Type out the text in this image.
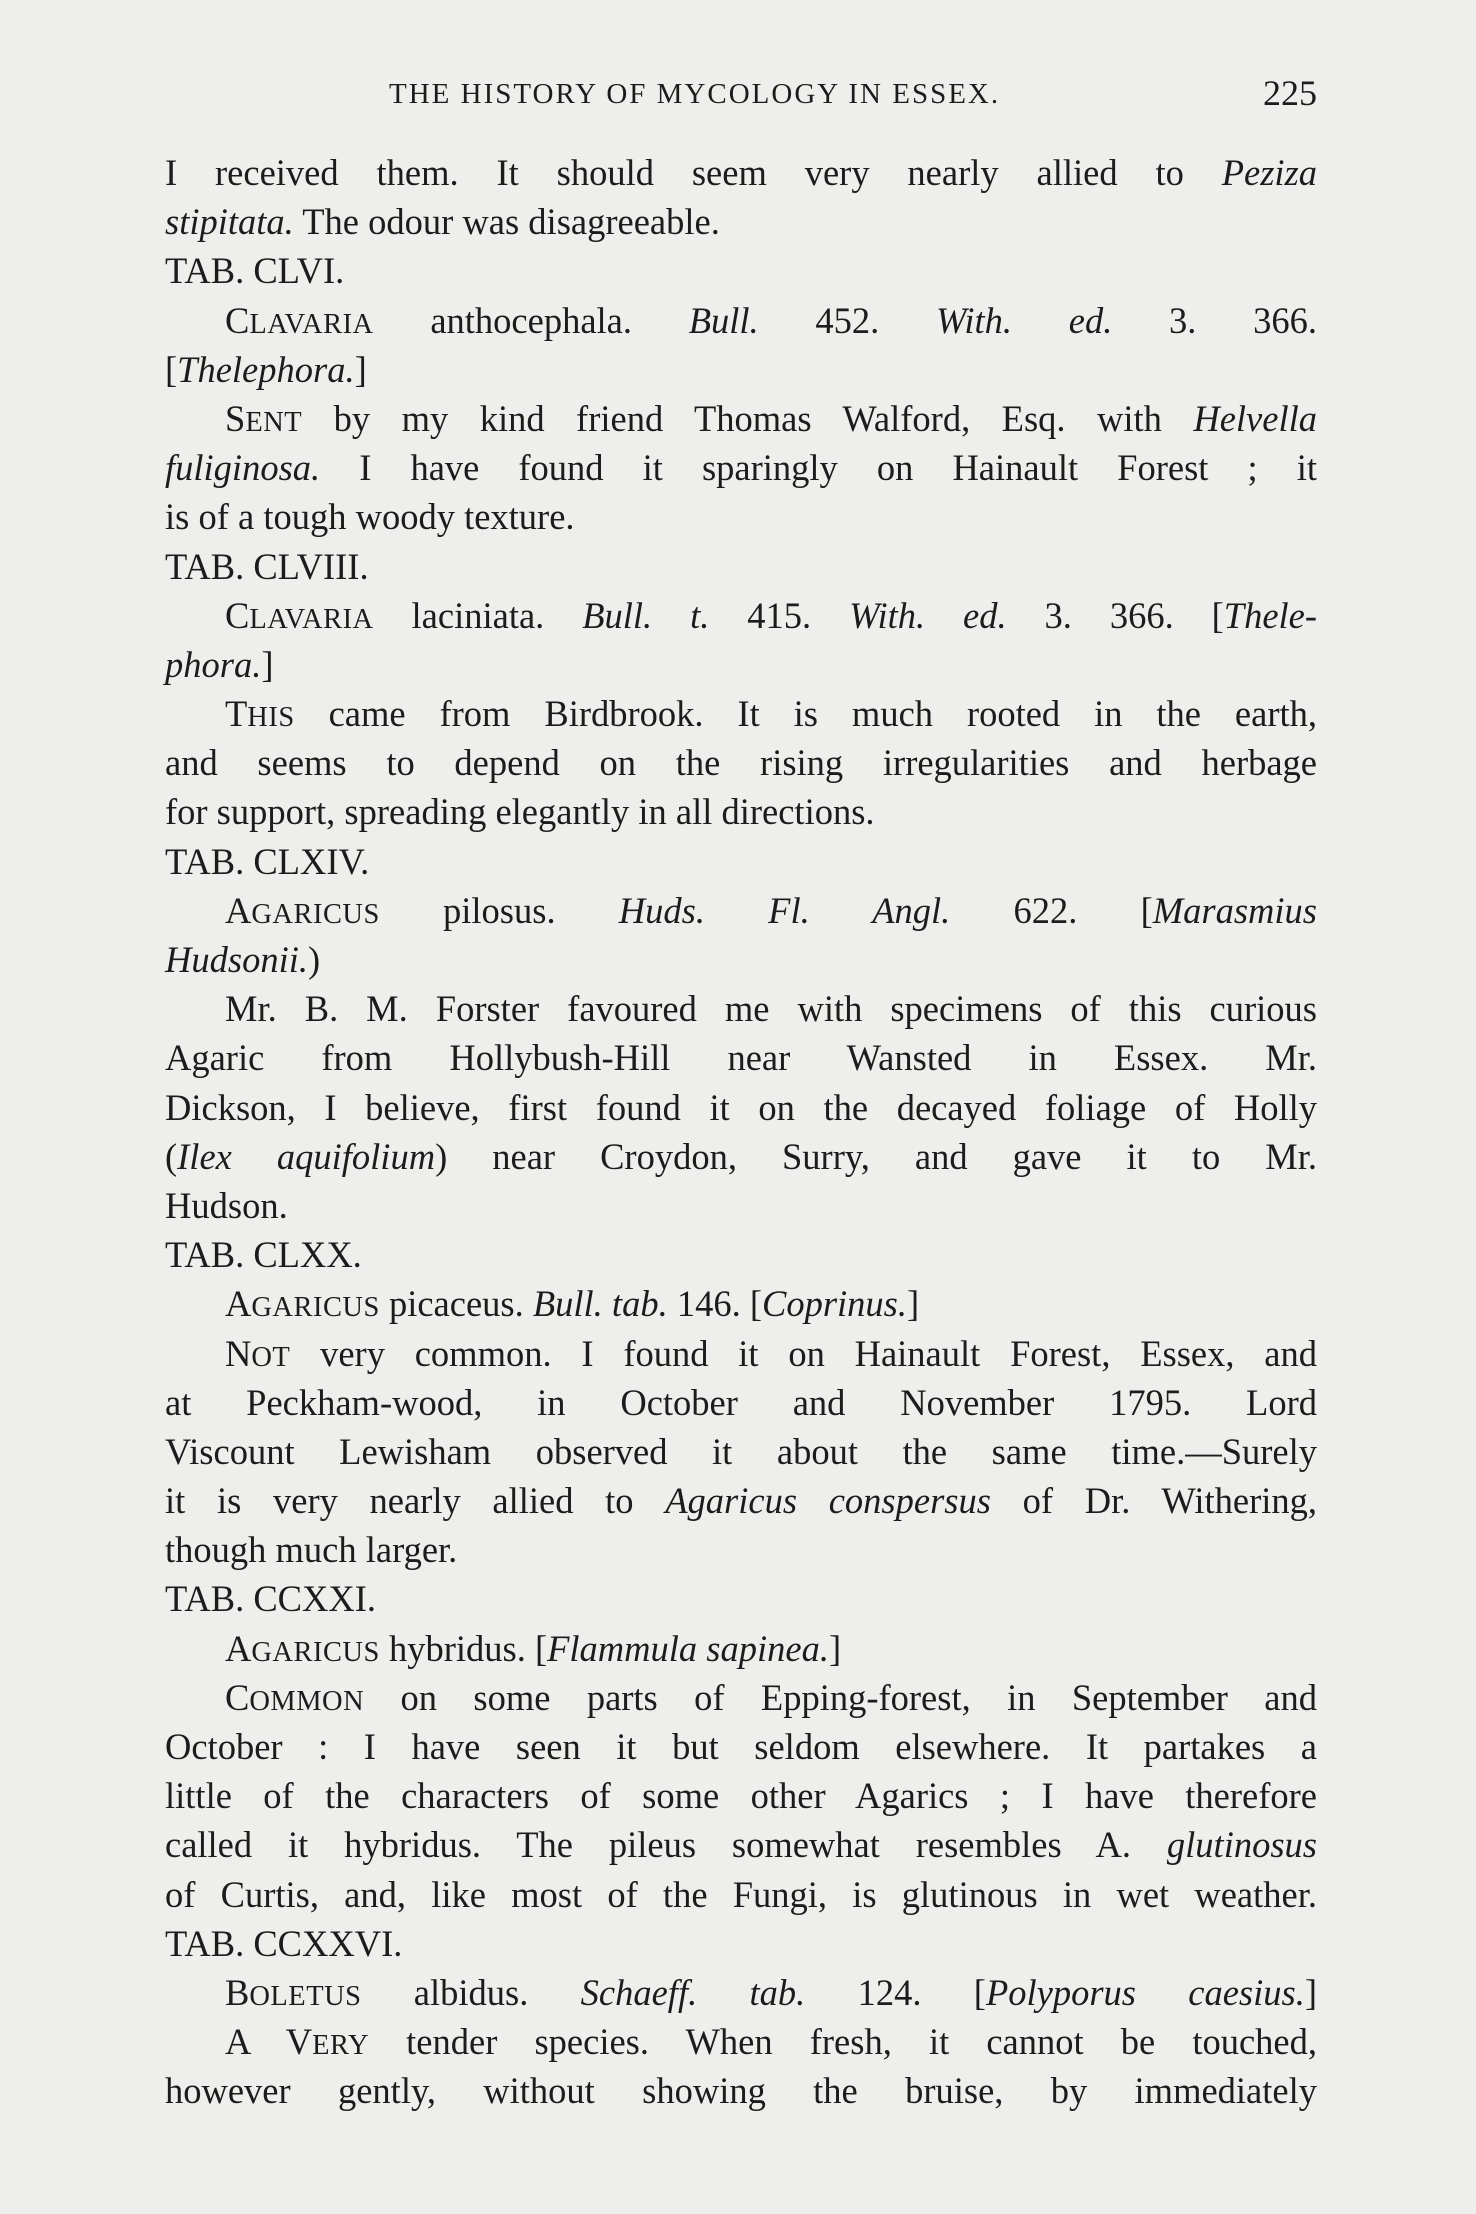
THE HISTORY OF MYCOLOGY IN ESSEX.	225
I received them. It should seem very nearly allied to Peziza
stipitata. The odour was disagreeable.
TAB. CLVI.
CLAVARIA anthocephala. Bull. 452. With. ed. 3. 366.
[Thelephora.]
SENT by my kind friend Thomas Walford, Esq. with Helvella
fuliginosa. I have found it sparingly on Hainault Forest ; it
is of a tough woody texture.
TAB. CLVIII.
CLAVARIA laciniata. Bull. t. 415. With. ed. 3. 366. [Thele-
phora.]
THIS came from Birdbrook. It is much rooted in the earth,
and seems to depend on the rising irregularities and herbage
for support, spreading elegantly in all directions.
TAB. CLXIV.
AGARICUS pilosus. Huds. Fl. Angl. 622. [Marasmius
Hudsonii.)
Mr. B. M. Forster favoured me with specimens of this curious
Agaric from Hollybush-Hill near Wansted in Essex. Mr.
Dickson, I believe, first found it on the decayed foliage of Holly
(Ilex aquifolium) near Croydon, Surry, and gave it to Mr.
Hudson.
TAB. CLXX.
AGARICUS picaceus. Bull. tab. 146. [Coprinus.]
NOT very common. I found it on Hainault Forest, Essex, and
at Peckham-wood, in October and November 1795. Lord
Viscount Lewisham observed it about the same time.—Surely
it is very nearly allied to Agaricus conspersus of Dr. Withering,
though much larger.
TAB. CCXXI.
AGARICUS hybridus. [Flammula sapinea.]
COMMON on some parts of Epping-forest, in September and
October : I have seen it but seldom elsewhere. It partakes a
little of the characters of some other Agarics ; I have therefore
called it hybridus. The pileus somewhat resembles A. glutinosus
of Curtis, and, like most of the Fungi, is glutinous in wet weather.
TAB. CCXXVI.
BOLETUS albidus. Schaeff. tab. 124. [Polyporus caesius.]
A VERY tender species. When fresh, it cannot be touched,
however gently, without showing the bruise, by immediately
